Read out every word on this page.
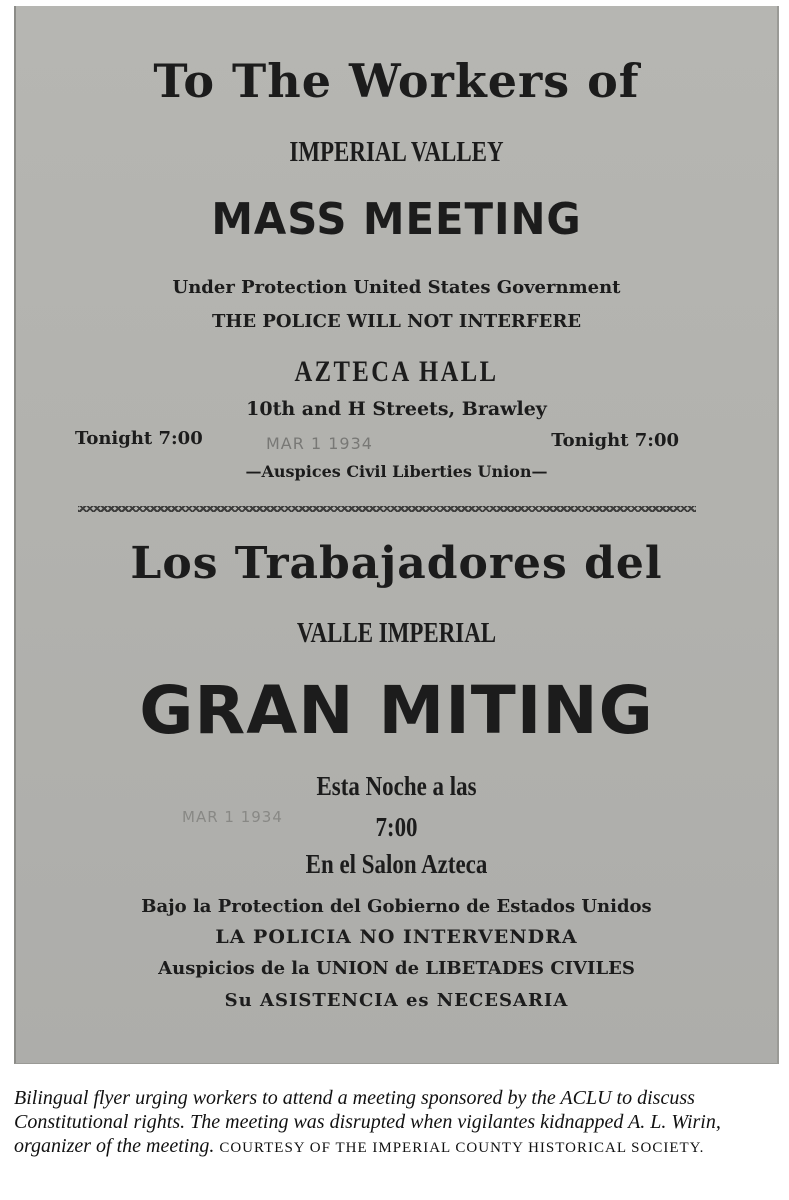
To The Workers of

IMPERIAL VALLEY

MASS MEETING

Under Protection United States Government

THE POLICE WILL NOT INTERFERE

AZTECA HALL

10th and H Streets, Brawley

Tonight 7:00	MAR 1 1934	Tonight 7:00

—Auspices Civil Liberties Union—

Los Trabajadores del

VALLE IMPERIAL

GRAN MITING

Esta Noche a las

MAR 1 1934	7:00

En el Salon Azteca

Bajo la Protection del Gobierno de Estados Unidos

LA POLICIA NO INTERVENDRA

Auspicios de la UNION de LIBETADES CIVILES

Su ASISTENCIA es NECESARIA

Bilingual flyer urging workers to attend a meeting sponsored by the ACLU to discuss Constitutional rights. The meeting was disrupted when vigilantes kidnapped A. L. Wirin, organizer of the meeting. COURTESY OF THE IMPERIAL COUNTY HISTORICAL SOCIETY.
